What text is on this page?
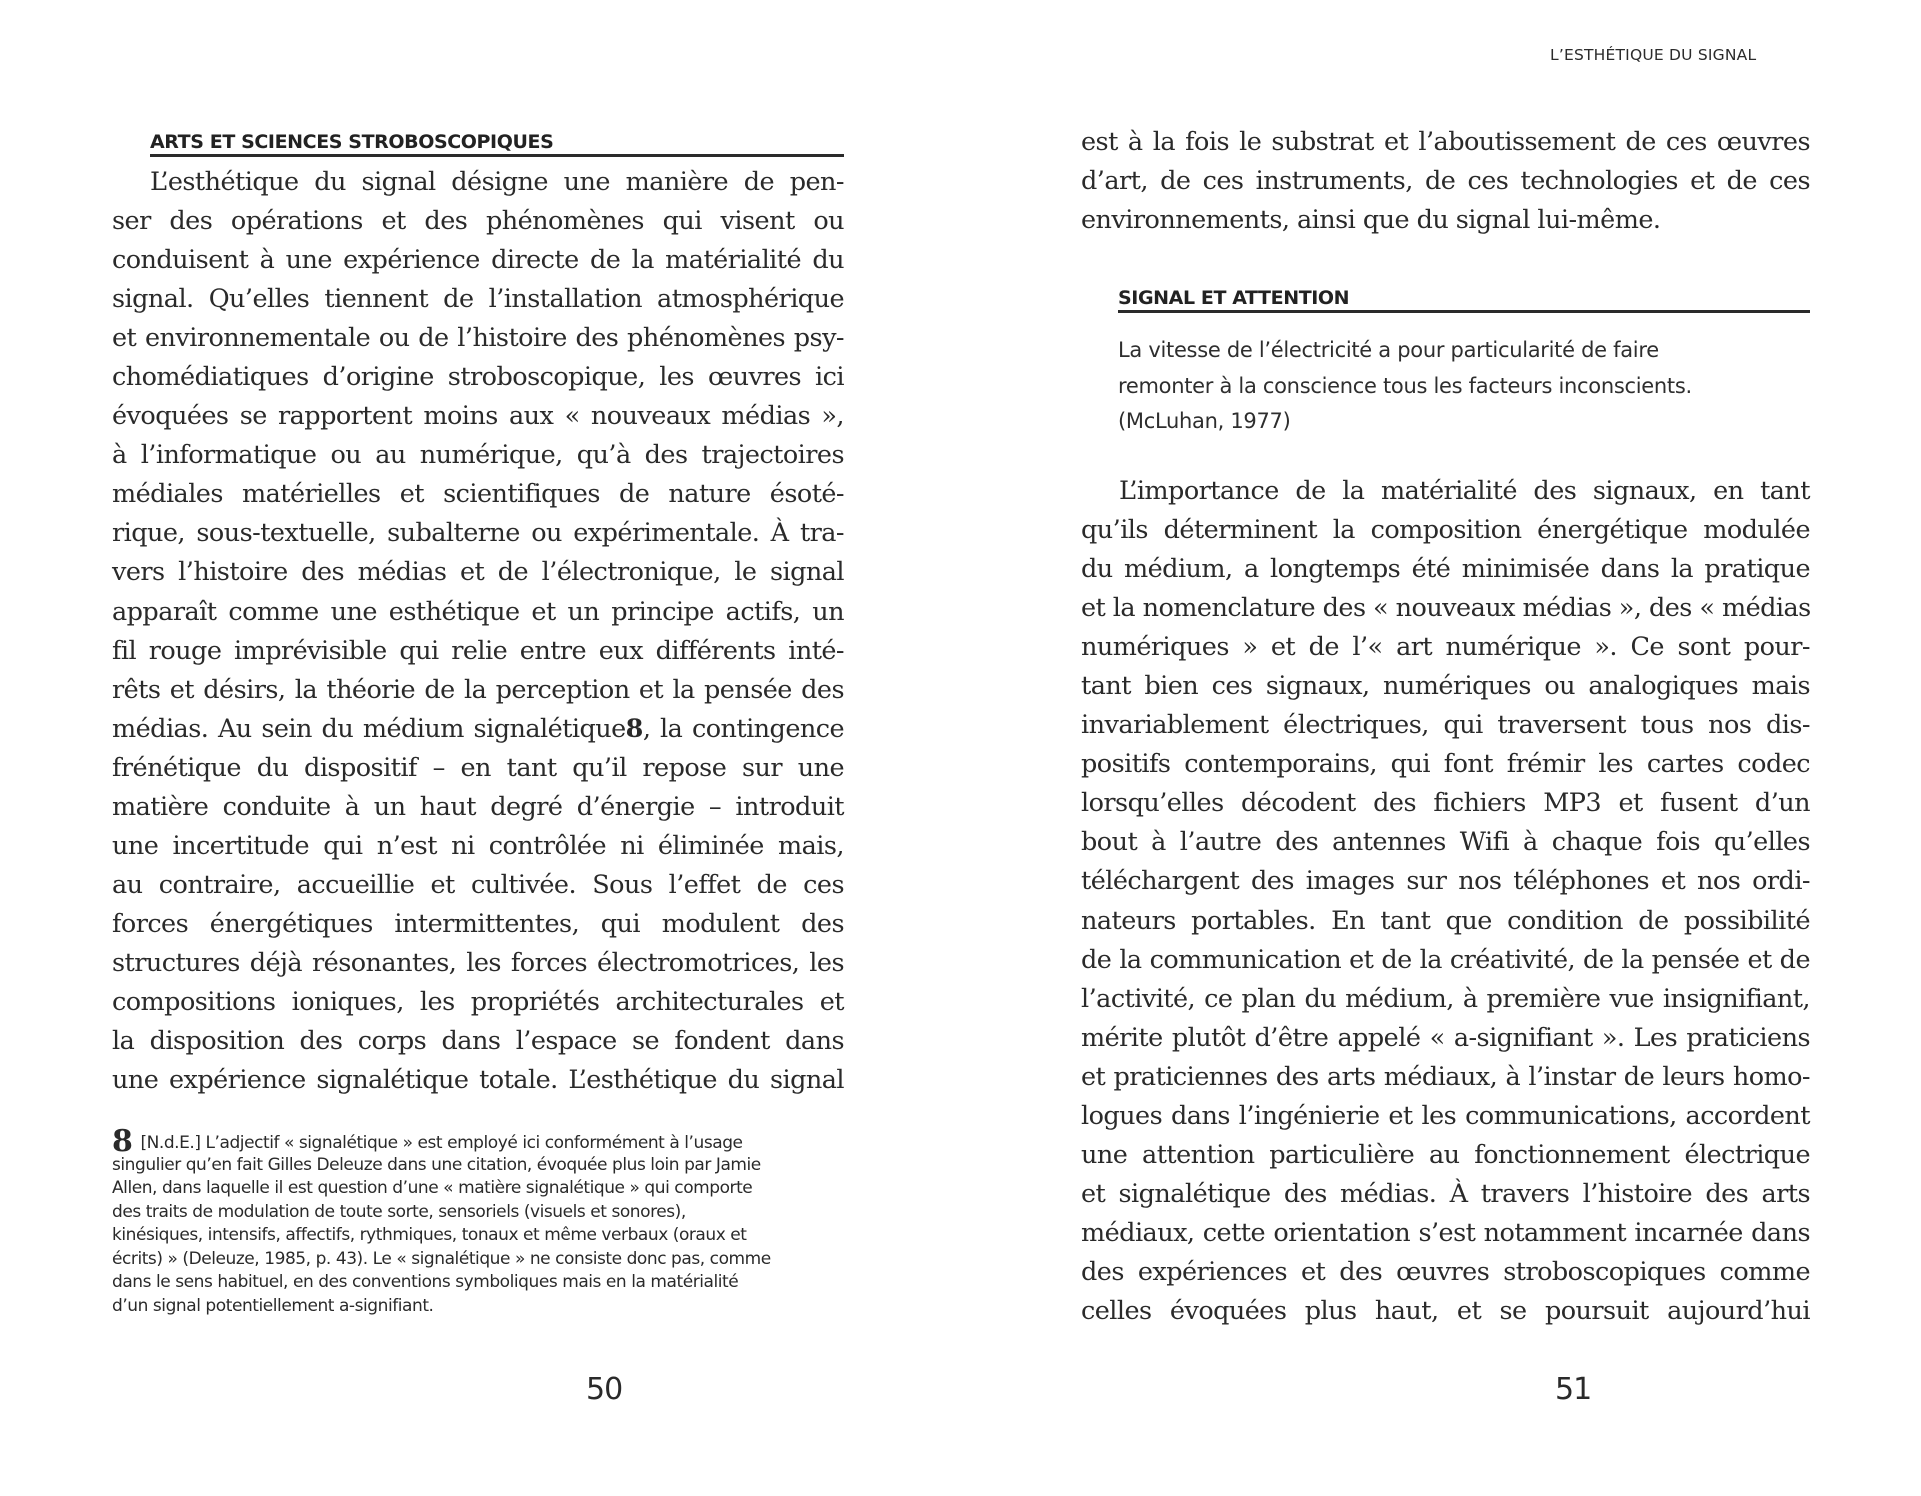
ARTS ET SCIENCES STROBOSCOPIQUES
L’esthétique du signal désigne une manière de pen-
ser des opérations et des phénomènes qui visent ou
conduisent à une expérience directe de la matérialité du
signal. Qu’elles tiennent de l’installation atmosphérique
et environnementale ou de l’histoire des phénomènes psy-
chomédiatiques d’origine stroboscopique, les œuvres ici
évoquées se rapportent moins aux « nouveaux médias »,
à l’informatique ou au numérique, qu’à des trajectoires
médiales matérielles et scientifiques de nature ésoté-
rique, sous-textuelle, subalterne ou expérimentale. À tra-
vers l’histoire des médias et de l’électronique, le signal
apparaît comme une esthétique et un principe actifs, un
fil rouge imprévisible qui relie entre eux différents inté-
rêts et désirs, la théorie de la perception et la pensée des
médias. Au sein du médium signalétique8, la contingence
frénétique du dispositif – en tant qu’il repose sur une
matière conduite à un haut degré d’énergie – introduit
une incertitude qui n’est ni contrôlée ni éliminée mais,
au contraire, accueillie et cultivée. Sous l’effet de ces
forces énergétiques intermittentes, qui modulent des
structures déjà résonantes, les forces électromotrices, les
compositions ioniques, les propriétés architecturales et
la disposition des corps dans l’espace se fondent dans
une expérience signalétique totale. L’esthétique du signal
8 [N.d.E.] L’adjectif « signalétique » est employé ici conformément à l’usage
singulier qu’en fait Gilles Deleuze dans une citation, évoquée plus loin par Jamie
Allen, dans laquelle il est question d’une « matière signalétique » qui comporte
des traits de modulation de toute sorte, sensoriels (visuels et sonores),
kinésiques, intensifs, affectifs, rythmiques, tonaux et même verbaux (oraux et
écrits) » (Deleuze, 1985, p. 43). Le « signalétique » ne consiste donc pas, comme
dans le sens habituel, en des conventions symboliques mais en la matérialité
d’un signal potentiellement a-signifiant.
50
L’ESTHÉTIQUE DU SIGNAL
est à la fois le substrat et l’aboutissement de ces œuvres
d’art, de ces instruments, de ces technologies et de ces
environnements, ainsi que du signal lui-même.
SIGNAL ET ATTENTION
La vitesse de l’électricité a pour particularité de faire
remonter à la conscience tous les facteurs inconscients.
(McLuhan, 1977)
L’importance de la matérialité des signaux, en tant
qu’ils déterminent la composition énergétique modulée
du médium, a longtemps été minimisée dans la pratique
et la nomenclature des « nouveaux médias », des « médias
numériques » et de l’« art numérique ». Ce sont pour-
tant bien ces signaux, numériques ou analogiques mais
invariablement électriques, qui traversent tous nos dis-
positifs contemporains, qui font frémir les cartes codec
lorsqu’elles décodent des fichiers MP3 et fusent d’un
bout à l’autre des antennes Wifi à chaque fois qu’elles
téléchargent des images sur nos téléphones et nos ordi-
nateurs portables. En tant que condition de possibilité
de la communication et de la créativité, de la pensée et de
l’activité, ce plan du médium, à première vue insignifiant,
mérite plutôt d’être appelé « a-signifiant ». Les praticiens
et praticiennes des arts médiaux, à l’instar de leurs homo-
logues dans l’ingénierie et les communications, accordent
une attention particulière au fonctionnement électrique
et signalétique des médias. À travers l’histoire des arts
médiaux, cette orientation s’est notamment incarnée dans
des expériences et des œuvres stroboscopiques comme
celles évoquées plus haut, et se poursuit aujourd’hui
51
